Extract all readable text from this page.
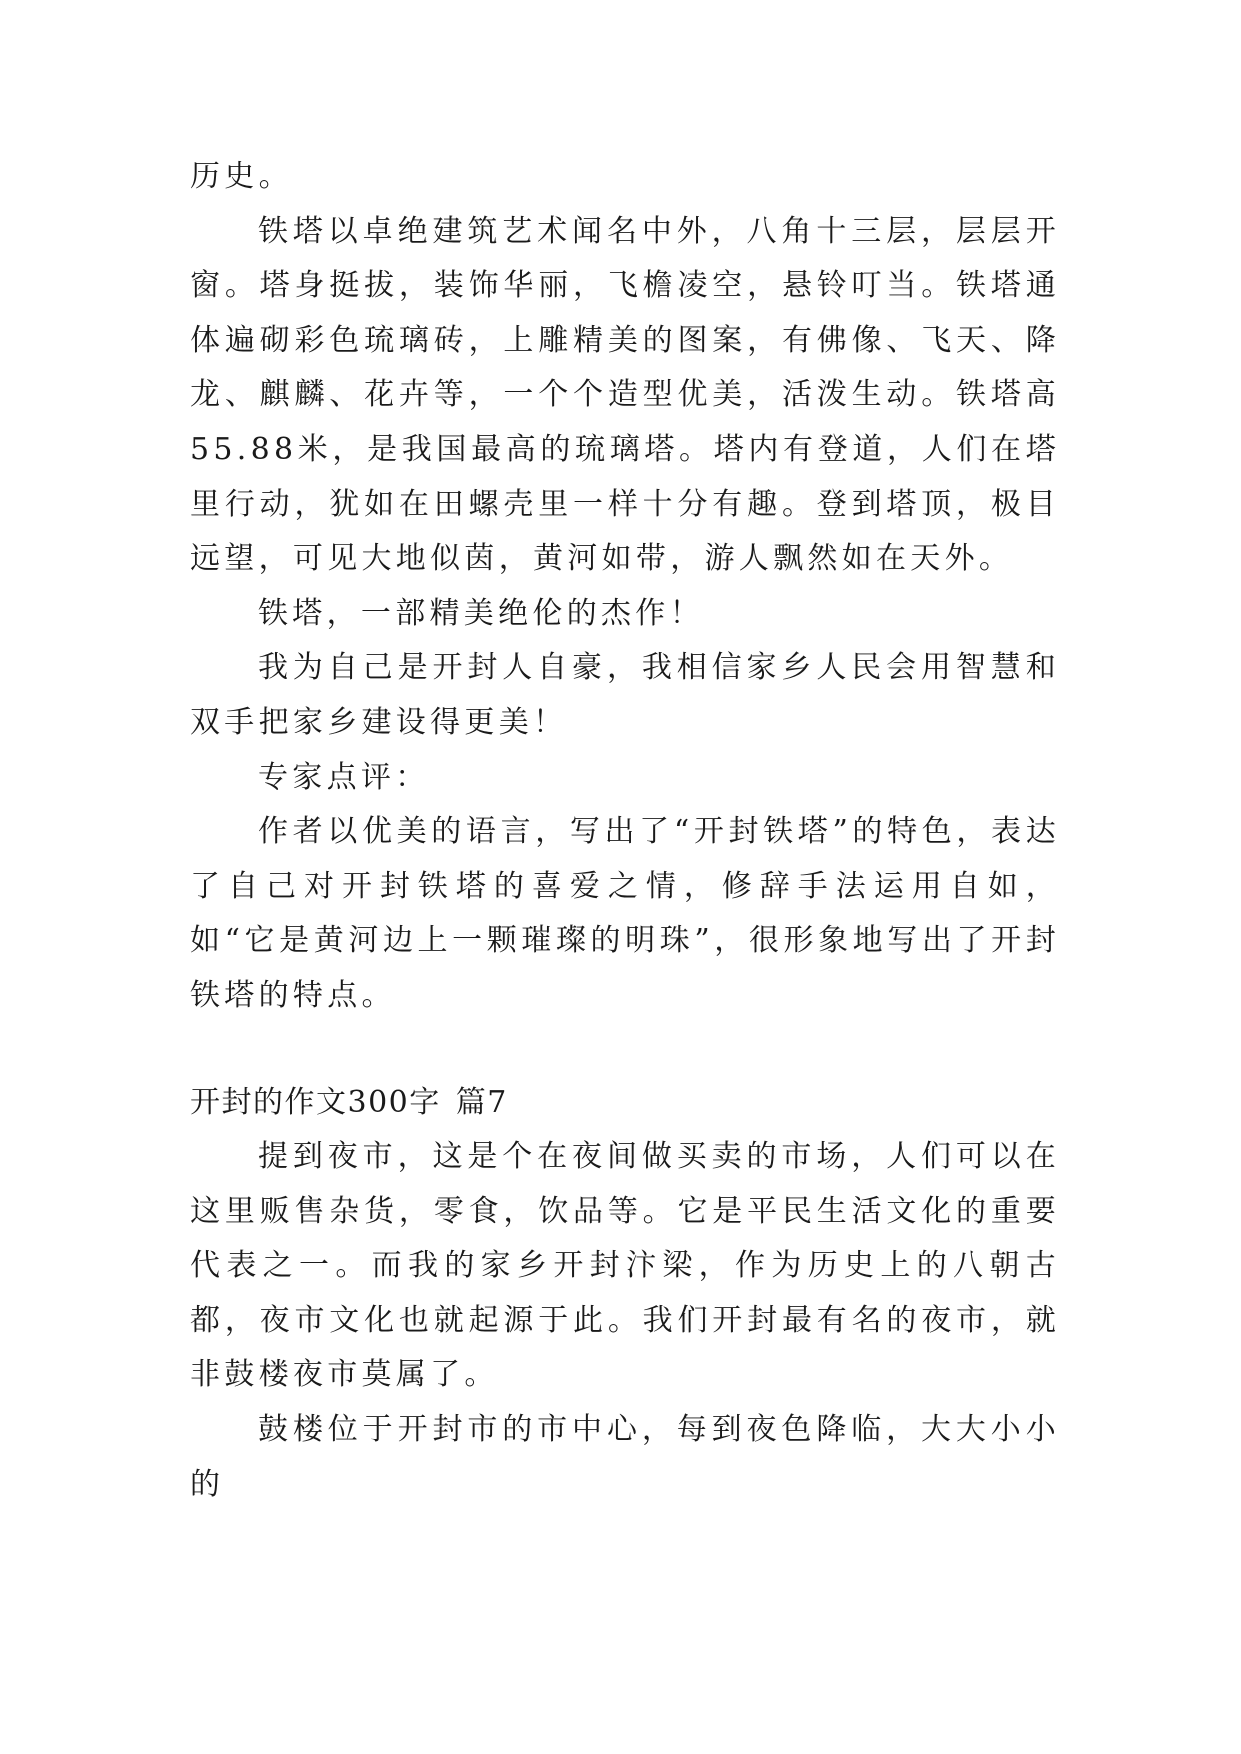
历史。

铁塔以卓绝建筑艺术闻名中外，八角十三层，层层开窗。塔身挺拔，装饰华丽，飞檐凌空，悬铃叮当。铁塔通体遍砌彩色琉璃砖，上雕精美的图案，有佛像、飞天、降龙、麒麟、花卉等，一个个造型优美，活泼生动。铁塔高55.88米，是我国最高的琉璃塔。塔内有登道，人们在塔里行动，犹如在田螺壳里一样十分有趣。登到塔顶，极目远望，可见大地似茵，黄河如带，游人飘然如在天外。

铁塔，一部精美绝伦的杰作！

我为自己是开封人自豪，我相信家乡人民会用智慧和双手把家乡建设得更美！

专家点评：

作者以优美的语言，写出了“开封铁塔”的特色，表达了自己对开封铁塔的喜爱之情，修辞手法运用自如，如“它是黄河边上一颗璀璨的明珠”，很形象地写出了开封铁塔的特点。

开封的作文300字 篇7

提到夜市，这是个在夜间做买卖的市场，人们可以在这里贩售杂货，零食，饮品等。它是平民生活文化的重要代表之一。而我的家乡开封汴梁，作为历史上的八朝古都，夜市文化也就起源于此。我们开封最有名的夜市，就非鼓楼夜市莫属了。

鼓楼位于开封市的市中心，每到夜色降临，大大小小的
